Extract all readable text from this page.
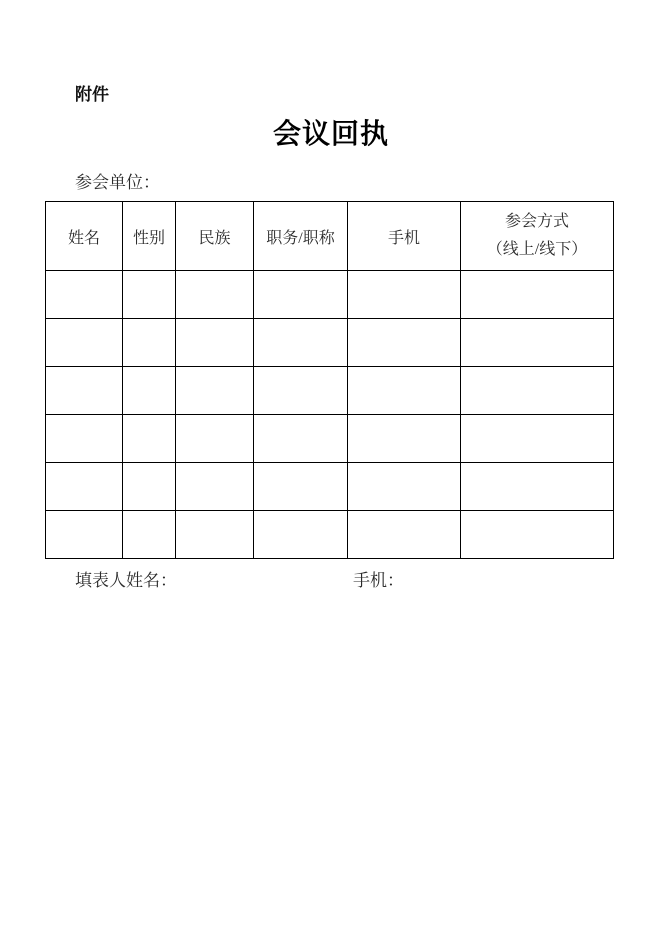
附件
会议回执
参会单位：
姓名	性别	民族	职务/职称	手机	参会方式
（线上/线下）

填表人姓名：	手机：
